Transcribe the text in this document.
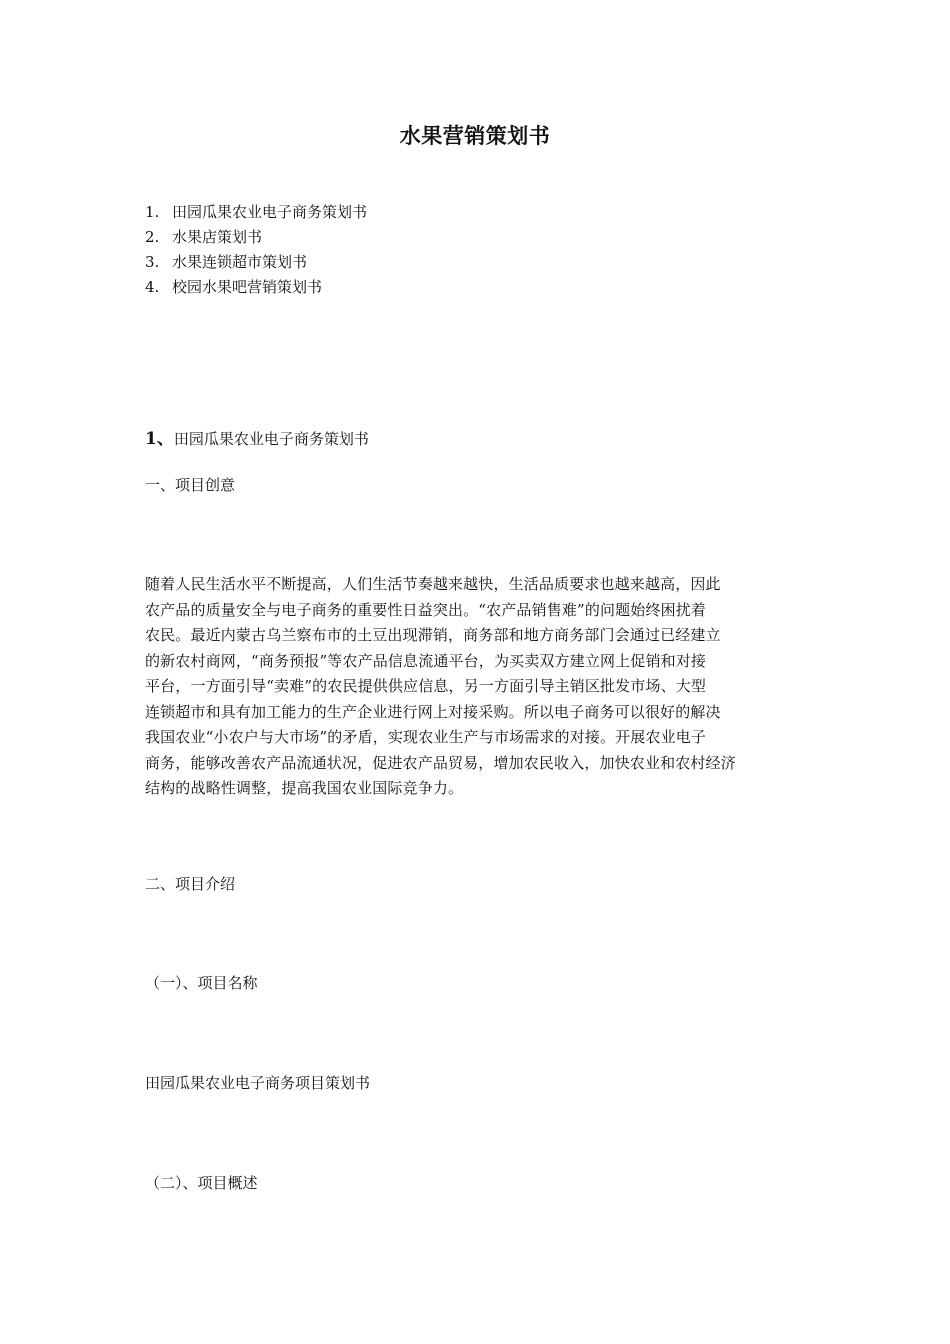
水果营销策划书
1. 田园瓜果农业电子商务策划书
2. 水果店策划书
3. 水果连锁超市策划书
4. 校园水果吧营销策划书
1、田园瓜果农业电子商务策划书
一、项目创意

随着人民生活水平不断提高，人们生活节奏越来越快，生活品质要求也越来越高，因此
农产品的质量安全与电子商务的重要性日益突出。“农产品销售难”的问题始终困扰着
农民。最近内蒙古乌兰察布市的土豆出现滞销，商务部和地方商务部门会通过已经建立
的新农村商网，“商务预报”等农产品信息流通平台，为买卖双方建立网上促销和对接
平台，一方面引导“卖难”的农民提供供应信息，另一方面引导主销区批发市场、大型
连锁超市和具有加工能力的生产企业进行网上对接采购。所以电子商务可以很好的解决
我国农业“小农户与大市场”的矛盾，实现农业生产与市场需求的对接。开展农业电子
商务，能够改善农产品流通状况，促进农产品贸易，增加农民收入，加快农业和农村经济
结构的战略性调整，提高我国农业国际竞争力。

二、项目介绍
（一）、项目名称
田园瓜果农业电子商务项目策划书
（二）、项目概述
